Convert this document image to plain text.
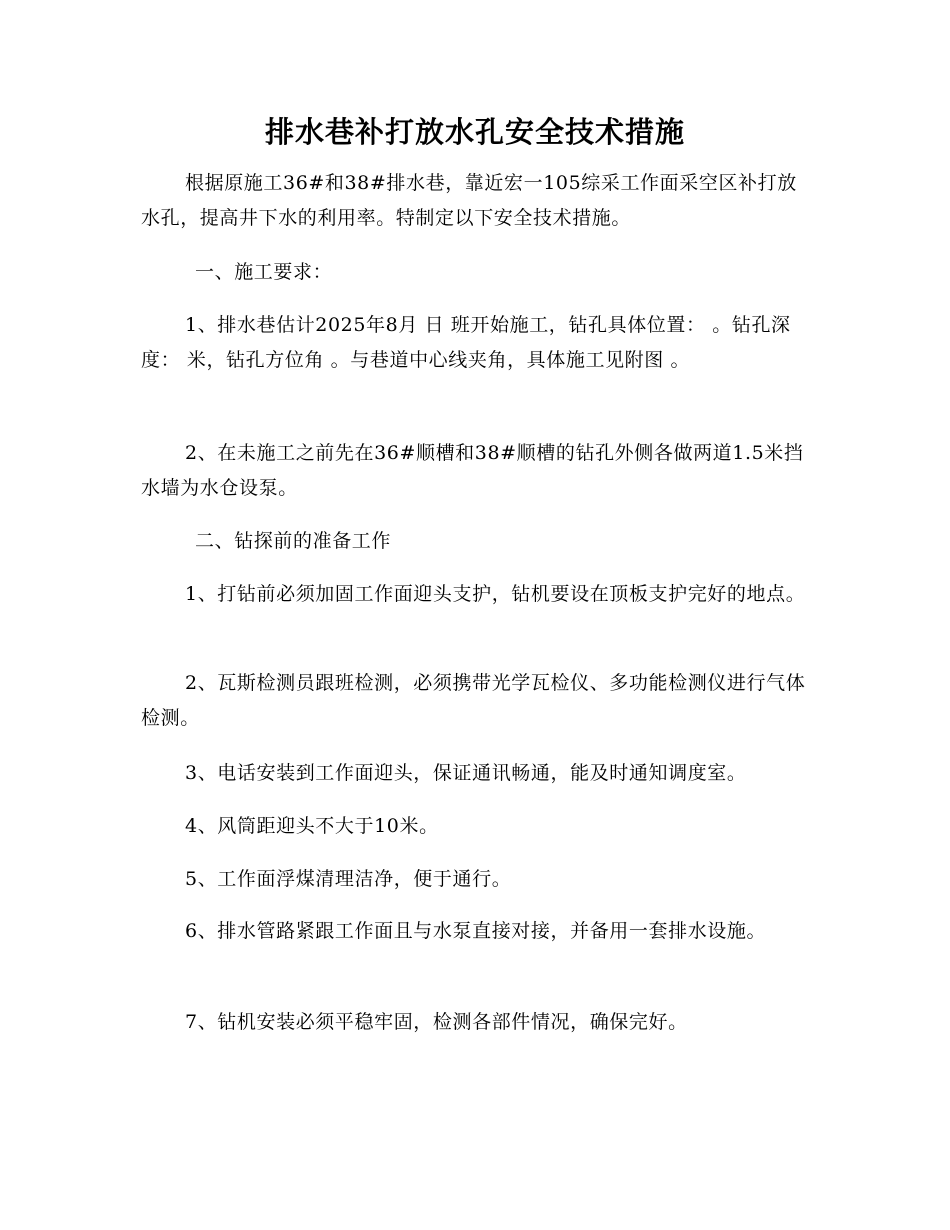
排水巷补打放水孔安全技术措施

根据原施工36#和38#排水巷，靠近宏一105综采工作面采空区补打放水孔，提高井下水的利用率。特制定以下安全技术措施。

一、施工要求：

1、排水巷估计2025年8月 日 班开始施工，钻孔具体位置： 。钻孔深度： 米，钻孔方位角 。与巷道中心线夹角，具体施工见附图 。

2、在未施工之前先在36#顺槽和38#顺槽的钻孔外侧各做两道1.5米挡水墙为水仓设泵。

二、钻探前的准备工作

1、打钻前必须加固工作面迎头支护，钻机要设在顶板支护完好的地点。

2、瓦斯检测员跟班检测，必须携带光学瓦检仪、多功能检测仪进行气体检测。

3、电话安装到工作面迎头，保证通讯畅通，能及时通知调度室。

4、风筒距迎头不大于10米。

5、工作面浮煤清理洁净，便于通行。

6、排水管路紧跟工作面且与水泵直接对接，并备用一套排水设施。

7、钻机安装必须平稳牢固，检测各部件情况，确保完好。
